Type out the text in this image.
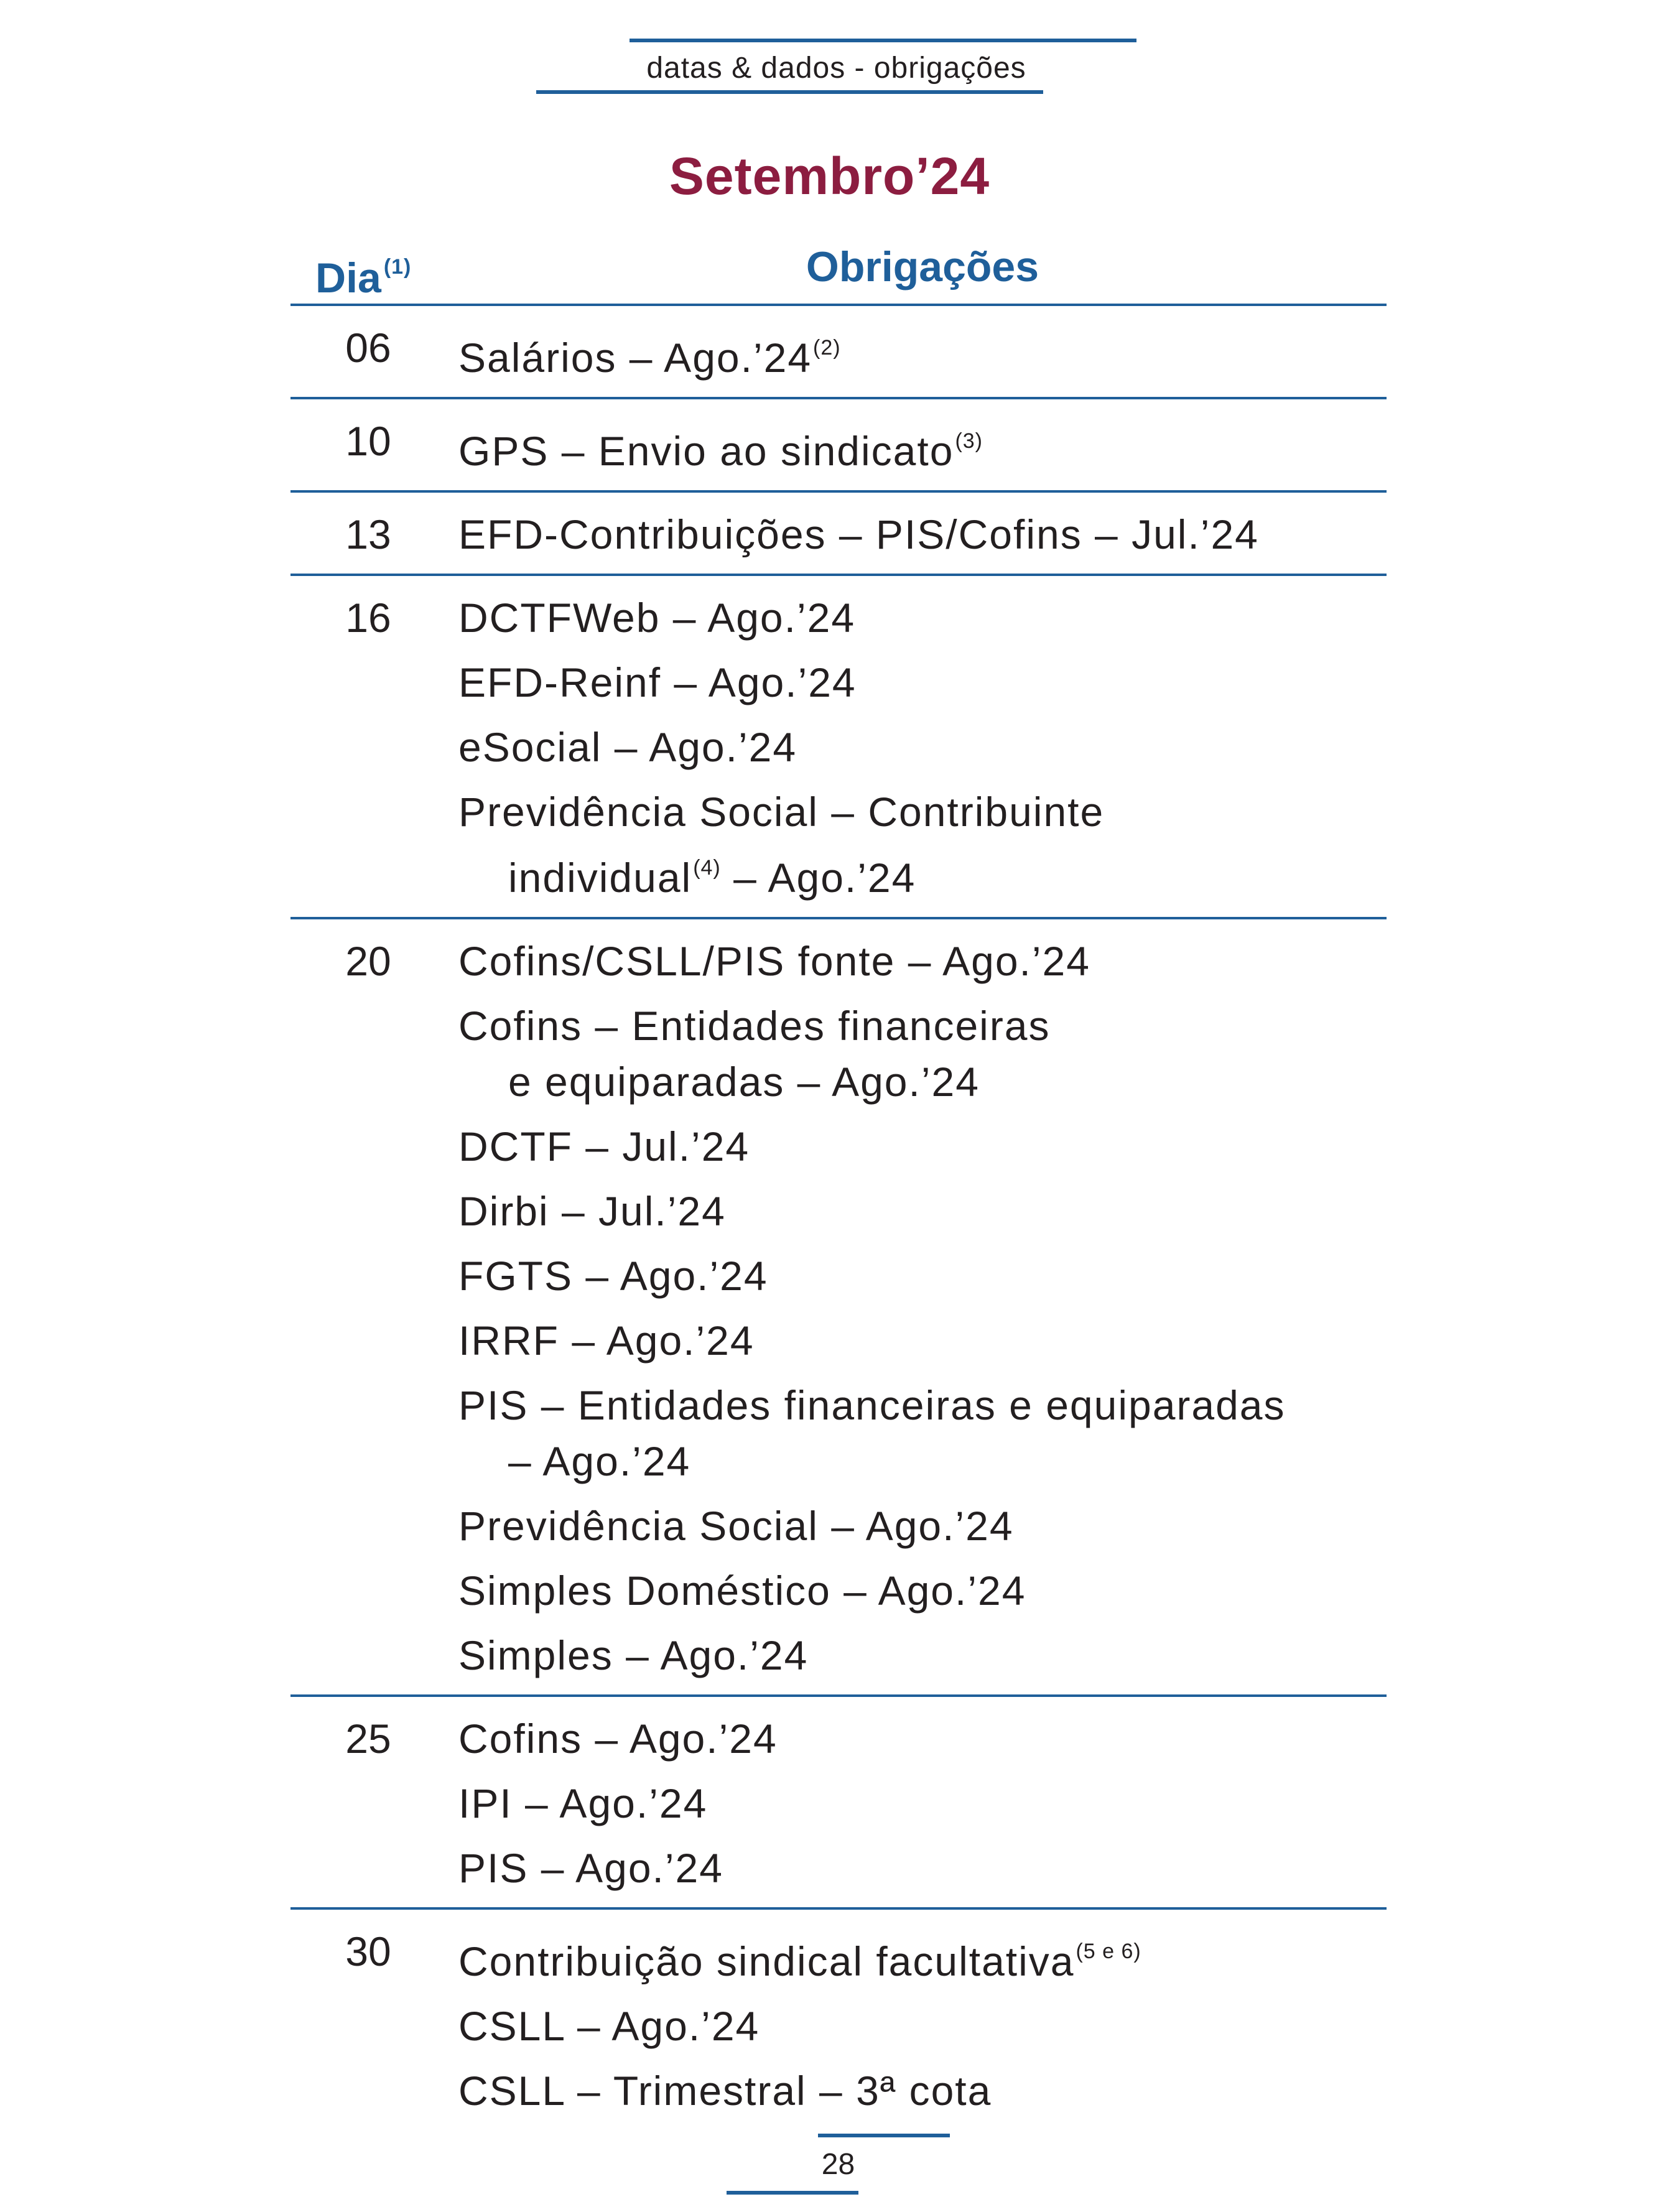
datas & dados - obrigações
Setembro’24
Dia $^{(1)}$	Obrigações
06	Salários – Ago.’24$^{(2)}$
10	GPS – Envio ao sindicato$^{(3)}$
13	EFD-Contribuições – PIS/Cofins – Jul.’24
16	DCTFWeb – Ago.’24
EFD-Reinf – Ago.’24
eSocial – Ago.’24
Previdência Social – Contribuinte
individual$^{(4)}$ – Ago.’24
20	Cofins/CSLL/PIS fonte – Ago.’24
Cofins – Entidades financeiras
e equiparadas – Ago.’24
DCTF – Jul.’24
Dirbi – Jul.’24
FGTS – Ago.’24
IRRF – Ago.’24
PIS – Entidades financeiras e equiparadas
– Ago.’24
Previdência Social – Ago.’24
Simples Doméstico – Ago.’24
Simples – Ago.’24
25	Cofins – Ago.’24
IPI – Ago.’24
PIS – Ago.’24
30	Contribuição sindical facultativa$^{(5 e 6)}$
CSLL – Ago.’24
CSLL – Trimestral – 3ª cota
28
